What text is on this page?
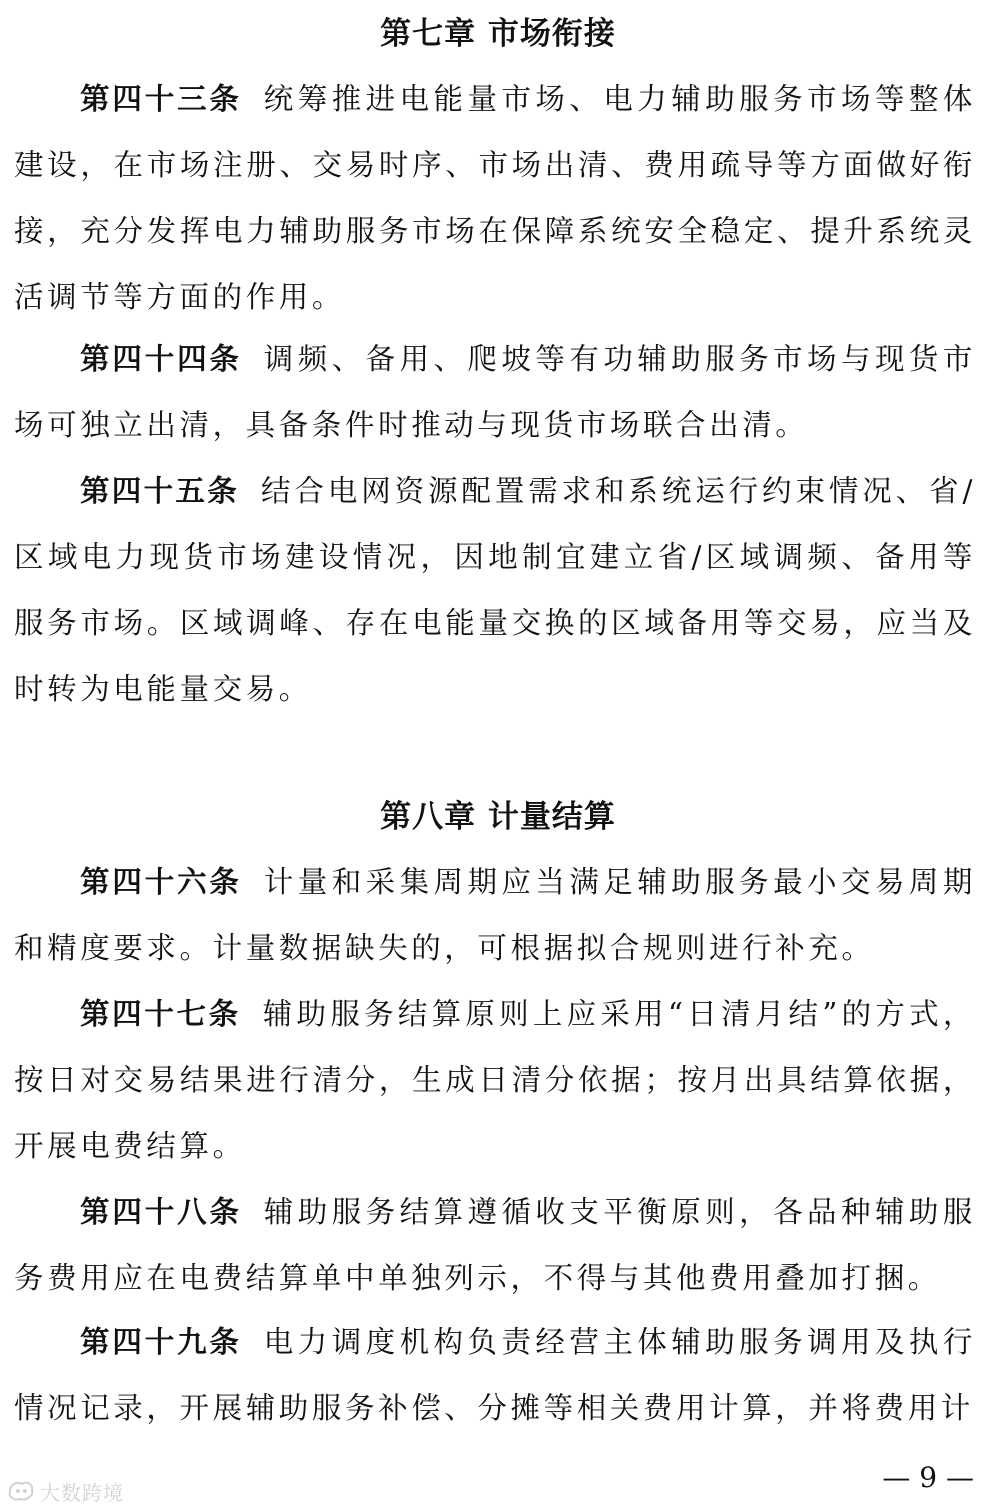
第七章 市场衔接

第四十三条 统筹推进电能量市场、电力辅助服务市场等整体建设，在市场注册、交易时序、市场出清、费用疏导等方面做好衔接，充分发挥电力辅助服务市场在保障系统安全稳定、提升系统灵活调节等方面的作用。

第四十四条 调频、备用、爬坡等有功辅助服务市场与现货市场可独立出清，具备条件时推动与现货市场联合出清。

第四十五条 结合电网资源配置需求和系统运行约束情况、省/区域电力现货市场建设情况，因地制宜建立省/区域调频、备用等服务市场。区域调峰、存在电能量交换的区域备用等交易，应当及时转为电能量交易。

第八章 计量结算

第四十六条 计量和采集周期应当满足辅助服务最小交易周期和精度要求。计量数据缺失的，可根据拟合规则进行补充。

第四十七条 辅助服务结算原则上应采用“日清月结”的方式，按日对交易结果进行清分，生成日清分依据；按月出具结算依据，开展电费结算。

第四十八条 辅助服务结算遵循收支平衡原则，各品种辅助服务费用应在电费结算单中单独列示，不得与其他费用叠加打捆。

第四十九条 电力调度机构负责经营主体辅助服务调用及执行情况记录，开展辅助服务补偿、分摊等相关费用计算，并将费用计

大数跨境	— 9 —
